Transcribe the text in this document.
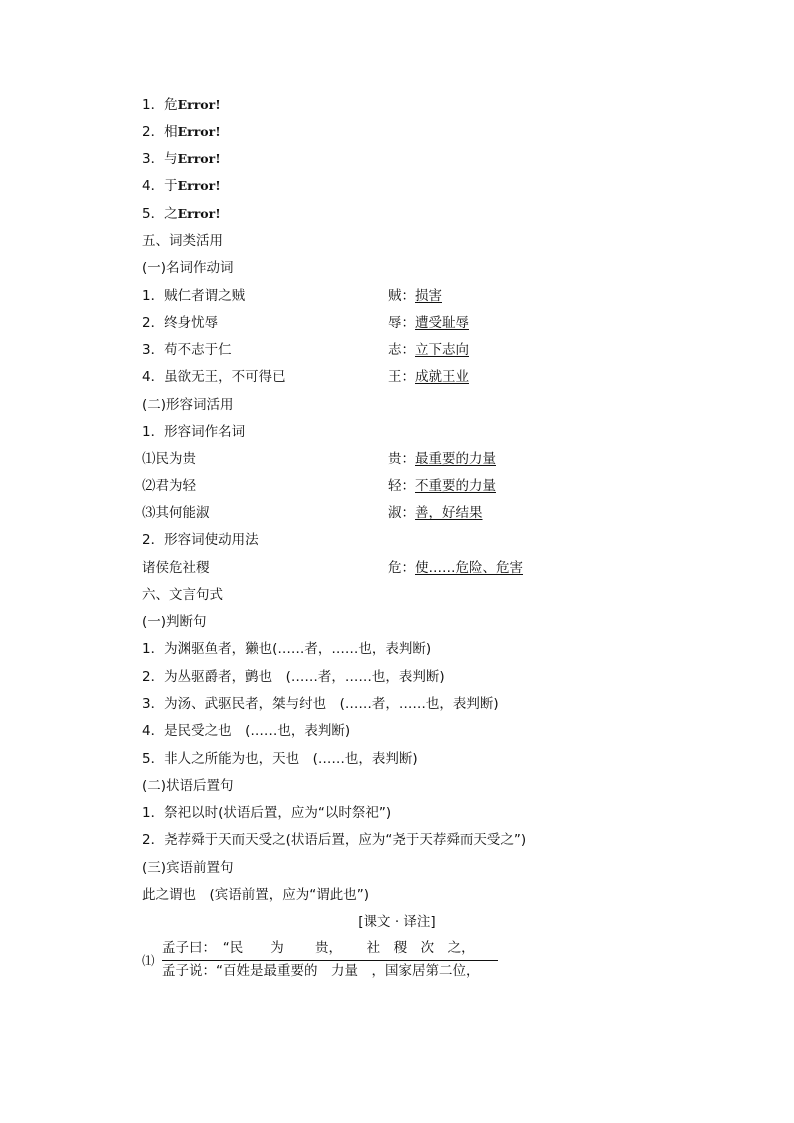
1．危Error!
2．相Error!
3．与Error!
4．于Error!
5．之Error!
五、词类活用
(一)名词作动词
1．贼仁者谓之贼	贼：损害
2．终身忧辱	辱：遭受耻辱
3．苟不志于仁	志：立下志向
4．虽欲无王，不可得已	王：成就王业
(二)形容词活用
1．形容词作名词
⑴民为贵	贵：最重要的力量
⑵君为轻	轻：不重要的力量
⑶其何能淑	淑：善，好结果
2．形容词使动用法
诸侯危社稷	危：使……危险、危害
六、文言句式
(一)判断句
1．为渊驱鱼者，獭也(……者，……也，表判断)
2．为丛驱爵者，鹯也　(……者，……也，表判断)
3．为汤、武驱民者，桀与纣也　(……者，……也，表判断)
4．是民受之也　(……也，表判断)
5．非人之所能为也，天也　(……也，表判断)
(二)状语后置句
1．祭祀以时(状语后置，应为“以时祭祀”)
2．尧荐舜于天而天受之(状语后置，应为“尧于天荐舜而天受之”)
(三)宾语前置句
此之谓也　(宾语前置，应为“谓此也”)
[课文 · 译注]
⑴
孟子曰：　“民　　为　　 贵，　　 社　稷　次　之，
孟子说：“百姓是最重要的　力量　，国家居第二位，
